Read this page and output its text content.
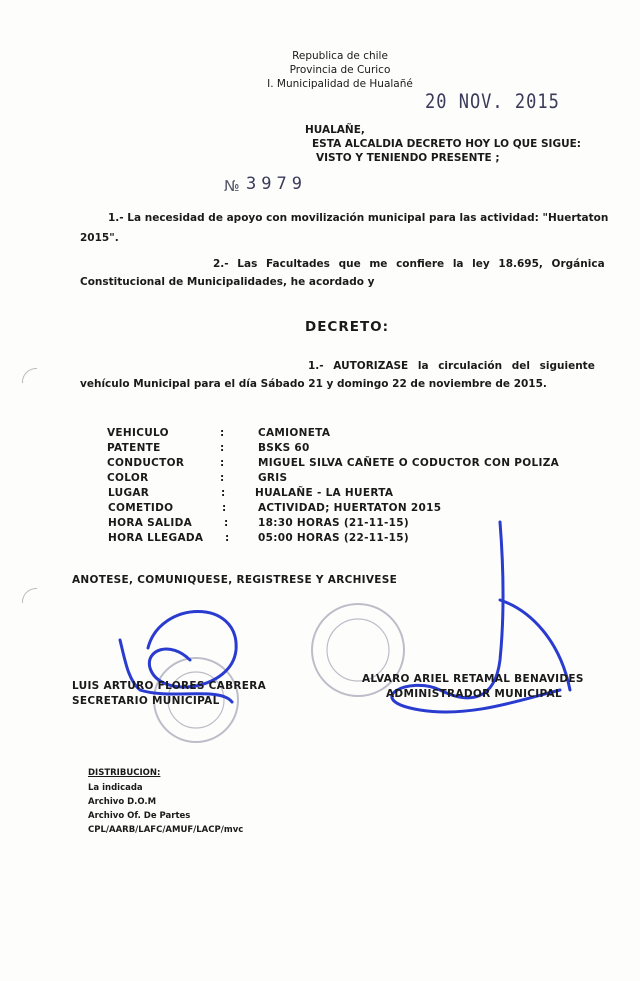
Republica de chile
Provincia de Curico
I. Municipalidad de Hualañé
20 NOV. 2015
HUALAÑE,
ESTA ALCALDIA DECRETO HOY LO QUE SIGUE:
VISTO Y TENIENDO PRESENTE ;
№ 3979
1.- La necesidad de apoyo con movilización municipal para las actividad: "Huertaton
2015".
2.- Las Facultades que me confiere la ley 18.695, Orgánica
Constitucional de Municipalidades, he acordado y
DECRETO:
1.- AUTORIZASE la circulación del siguiente
vehículo Municipal para el día Sábado 21 y domingo 22 de noviembre de 2015.
VEHICULO	:	CAMIONETA
PATENTE	:	BSKS 60
CONDUCTOR	:	MIGUEL SILVA CAÑETE O CODUCTOR CON POLIZA
COLOR	:	GRIS
LUGAR	:	HUALAÑE - LA HUERTA
COMETIDO	:	ACTIVIDAD; HUERTATON 2015
HORA SALIDA	:	18:30 HORAS (21-11-15)
HORA LLEGADA :	05:00 HORAS (22-11-15)
ANOTESE, COMUNIQUESE, REGISTRESE Y ARCHIVESE
LUIS ARTURO FLORES CABRERA
SECRETARIO MUNICIPAL
ALVARO ARIEL RETAMAL BENAVIDES
ADMINISTRADOR MUNICIPAL
DISTRIBUCION:
La indicada
Archivo D.O.M
Archivo Of. De Partes
CPL/AARB/LAFC/AMUF/LACP/mvc
